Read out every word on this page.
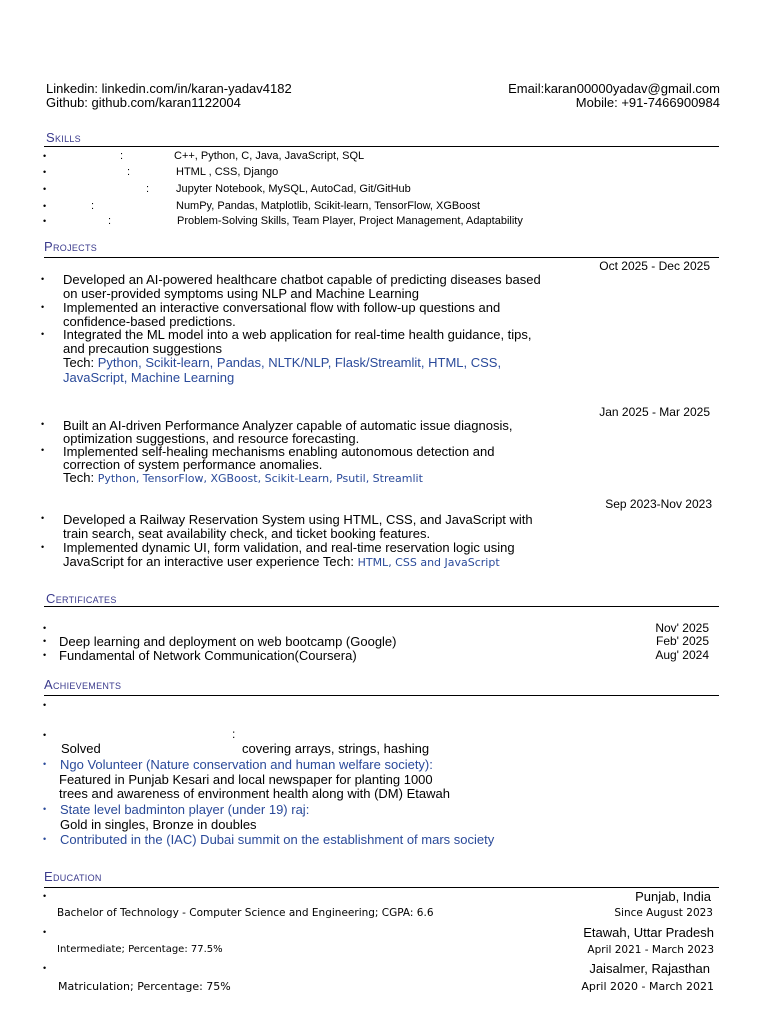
Linkedin: linkedin.com/in/karan-yadav4182
Github: github.com/karan1122004
Email:karan00000yadav@gmail.com
Mobile: +91-7466900984
Skills
•	:	C++, Python, C, Java, JavaScript, SQL
•	:	HTML , CSS, Django
•	: Jupyter Notebook, MySQL, AutoCad, Git/GitHub
•	:	NumPy, Pandas, Matplotlib, Scikit-learn, TensorFlow, XGBoost
•	:	Problem-Solving Skills, Team Player, Project Management, Adaptability
Projects
Oct 2025 - Dec 2025
• Developed an AI-powered healthcare chatbot capable of predicting diseases based
on user-provided symptoms using NLP and Machine Learning
• Implemented an interactive conversational flow with follow-up questions and
confidence-based predictions.
• Integrated the ML model into a web application for real-time health guidance, tips,
and precaution suggestions
Tech: Python, Scikit-learn, Pandas, NLTK/NLP, Flask/Streamlit, HTML, CSS,
JavaScript, Machine Learning
Jan 2025 - Mar 2025
• Built an AI-driven Performance Analyzer capable of automatic issue diagnosis,
optimization suggestions, and resource forecasting.
• Implemented self-healing mechanisms enabling autonomous detection and
correction of system performance anomalies.
Tech: Python, TensorFlow, XGBoost, Scikit-Learn, Psutil, Streamlit
Sep 2023-Nov 2023
• Developed a Railway Reservation System using HTML, CSS, and JavaScript with
train search, seat availability check, and ticket booking features.
• Implemented dynamic UI, form validation, and real-time reservation logic using
JavaScript for an interactive user experience Tech: HTML, CSS and JavaScript
Certificates
•	Nov' 2025
• Deep learning and deployment on web bootcamp (Google)	Feb' 2025
• Fundamental of Network Communication(Coursera)	Aug' 2024
Achievements
•
•	:
Solved	covering arrays, strings, hashing
• Ngo Volunteer (Nature conservation and human welfare society):
Featured in Punjab Kesari and local newspaper for planting 1000
trees and awareness of environment health along with (DM) Etawah
• State level badminton player (under 19) raj:
Gold in singles, Bronze in doubles
• Contributed in the (IAC) Dubai summit on the establishment of mars society
Education
•	Punjab, India
Bachelor of Technology - Computer Science and Engineering; CGPA: 6.6	Since August 2023
•	Etawah, Uttar Pradesh
Intermediate; Percentage: 77.5%	April 2021 - March 2023
•	Jaisalmer, Rajasthan
Matriculation; Percentage: 75%	April 2020 - March 2021
